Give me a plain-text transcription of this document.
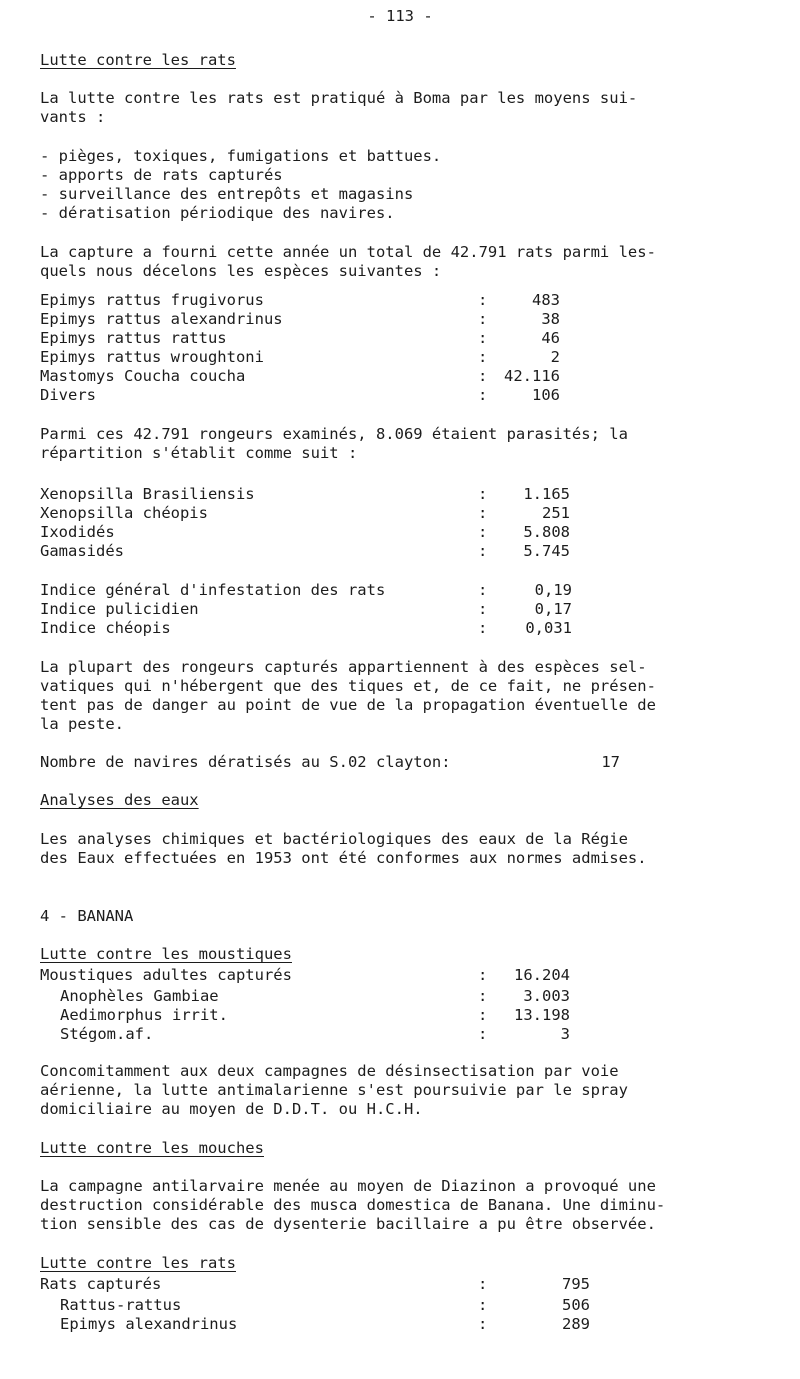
- 113 -
Lutte contre les rats
La lutte contre les rats est pratiqué à Boma par les moyens sui-
vants :
- pièges, toxiques, fumigations et battues.
- apports de rats capturés
- surveillance des entrepôts et magasins
- dératisation périodique des navires.
La capture a fourni cette année un total de 42.791 rats parmi les-
quels nous décelons les espèces suivantes :
Epimys rattus frugivorus	:	483
Epimys rattus alexandrinus	:	38
Epimys rattus rattus	:	46
Epimys rattus wroughtoni	:	2
Mastomys Coucha coucha	:	42.116
Divers	:	106
Parmi ces 42.791 rongeurs examinés, 8.069 étaient parasités; la
répartition s'établit comme suit :
Xenopsilla Brasiliensis	:	1.165
Xenopsilla chéopis	:	251
Ixodidés	:	5.808
Gamasidés	:	5.745
Indice général d'infestation des rats	:	0,19
Indice pulicidien	:	0,17
Indice chéopis	:	0,031
La plupart des rongeurs capturés appartiennent à des espèces sel-
vatiques qui n'hébergent que des tiques et, de ce fait, ne présen-
tent pas de danger au point de vue de la propagation éventuelle de
la peste.
Nombre de navires dératisés au S.02 clayton:	17
Analyses des eaux
Les analyses chimiques et bactériologiques des eaux de la Régie
des Eaux effectuées en 1953 ont été conformes aux normes admises.
4 - BANANA
Lutte contre les moustiques
Moustiques adultes capturés	:	16.204
Anophèles Gambiae	:	3.003
Aedimorphus irrit.	:	13.198
Stégom.af.	:	3
Concomitamment aux deux campagnes de désinsectisation par voie
aérienne, la lutte antimalarienne s'est poursuivie par le spray
domiciliaire au moyen de D.D.T. ou H.C.H.
Lutte contre les mouches
La campagne antilarvaire menée au moyen de Diazinon a provoqué une
destruction considérable des musca domestica de Banana. Une diminu-
tion sensible des cas de dysenterie bacillaire a pu être observée.
Lutte contre les rats
Rats capturés	:	795
Rattus-rattus	:	506
Epimys alexandrinus	:	289
